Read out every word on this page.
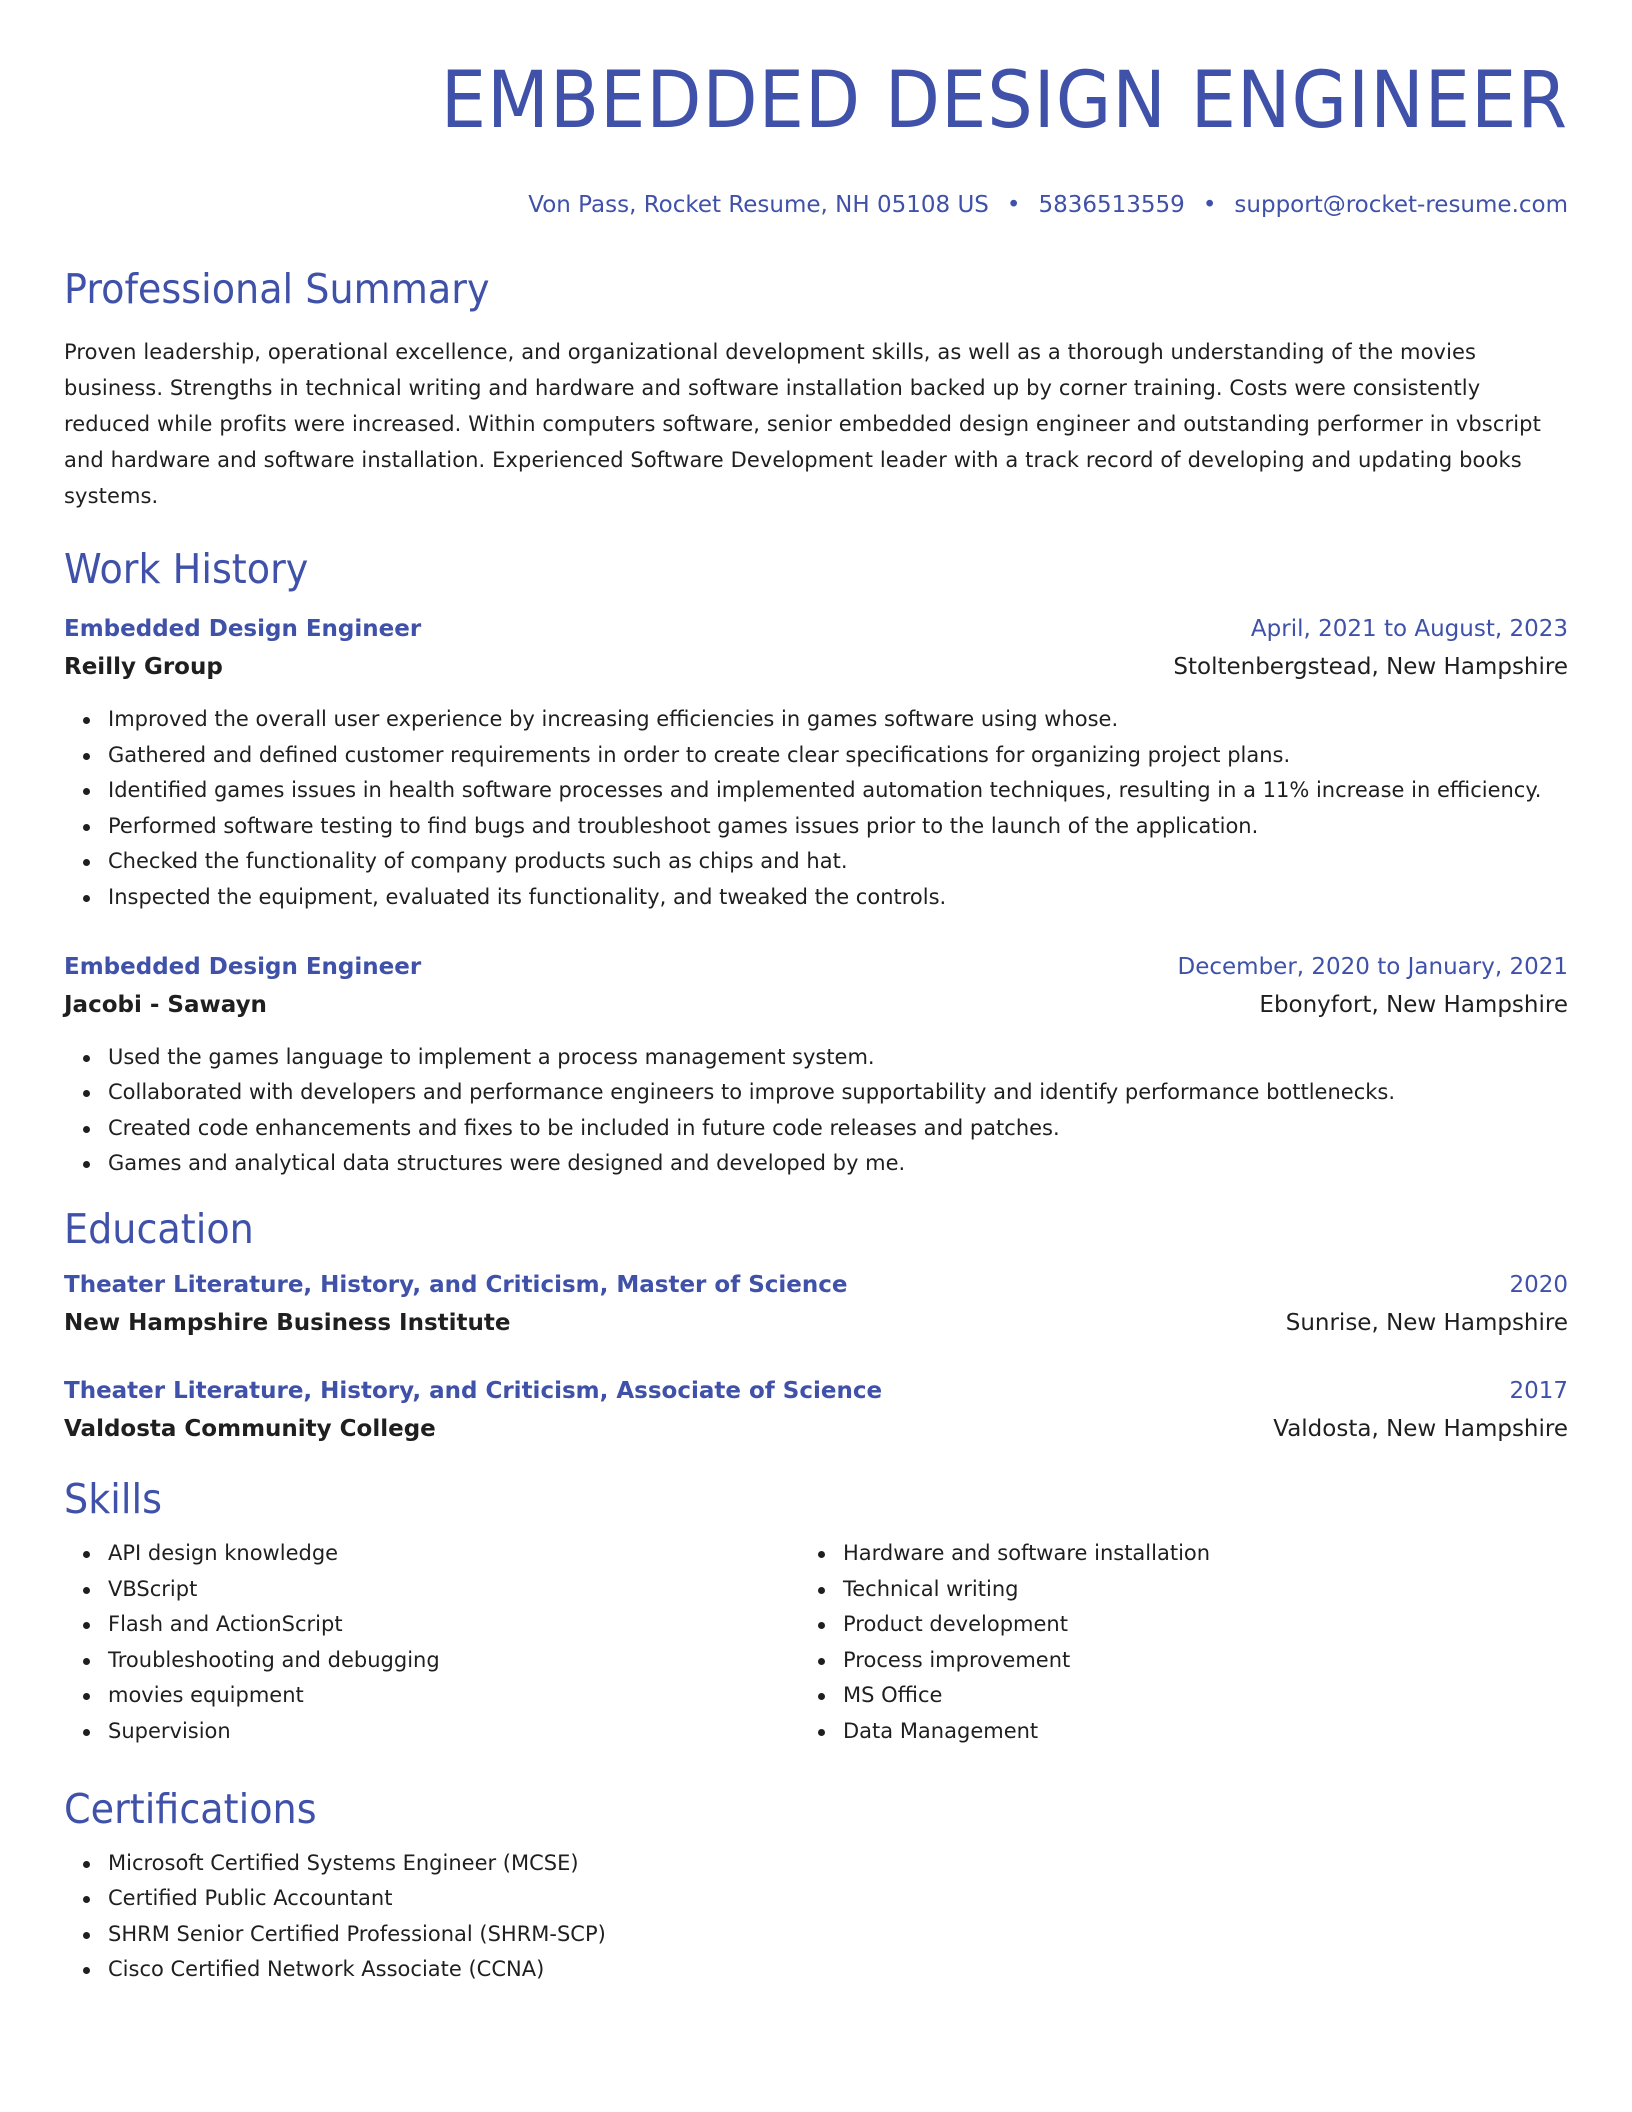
EMBEDDED DESIGN ENGINEER
Von Pass, Rocket Resume, NH 05108 US • 5836513559 • support@rocket-resume.com
Professional Summary
Proven leadership, operational excellence, and organizational development skills, as well as a thorough understanding of the movies business. Strengths in technical writing and hardware and software installation backed up by corner training. Costs were consistently reduced while profits were increased. Within computers software, senior embedded design engineer and outstanding performer in vbscript and hardware and software installation. Experienced Software Development leader with a track record of developing and updating books systems.
Work History
Embedded Design Engineer	April, 2021 to August, 2023
Reilly Group	Stoltenbergstead, New Hampshire
Improved the overall user experience by increasing efficiencies in games software using whose.
Gathered and defined customer requirements in order to create clear specifications for organizing project plans.
Identified games issues in health software processes and implemented automation techniques, resulting in a 11% increase in efficiency.
Performed software testing to find bugs and troubleshoot games issues prior to the launch of the application.
Checked the functionality of company products such as chips and hat.
Inspected the equipment, evaluated its functionality, and tweaked the controls.
Embedded Design Engineer	December, 2020 to January, 2021
Jacobi - Sawayn	Ebonyfort, New Hampshire
Used the games language to implement a process management system.
Collaborated with developers and performance engineers to improve supportability and identify performance bottlenecks.
Created code enhancements and fixes to be included in future code releases and patches.
Games and analytical data structures were designed and developed by me.
Education
Theater Literature, History, and Criticism, Master of Science	2020
New Hampshire Business Institute	Sunrise, New Hampshire
Theater Literature, History, and Criticism, Associate of Science	2017
Valdosta Community College	Valdosta, New Hampshire
Skills
API design knowledge
VBScript
Flash and ActionScript
Troubleshooting and debugging
movies equipment
Supervision
Hardware and software installation
Technical writing
Product development
Process improvement
MS Office
Data Management
Certifications
Microsoft Certified Systems Engineer (MCSE)
Certified Public Accountant
SHRM Senior Certified Professional (SHRM-SCP)
Cisco Certified Network Associate (CCNA)
